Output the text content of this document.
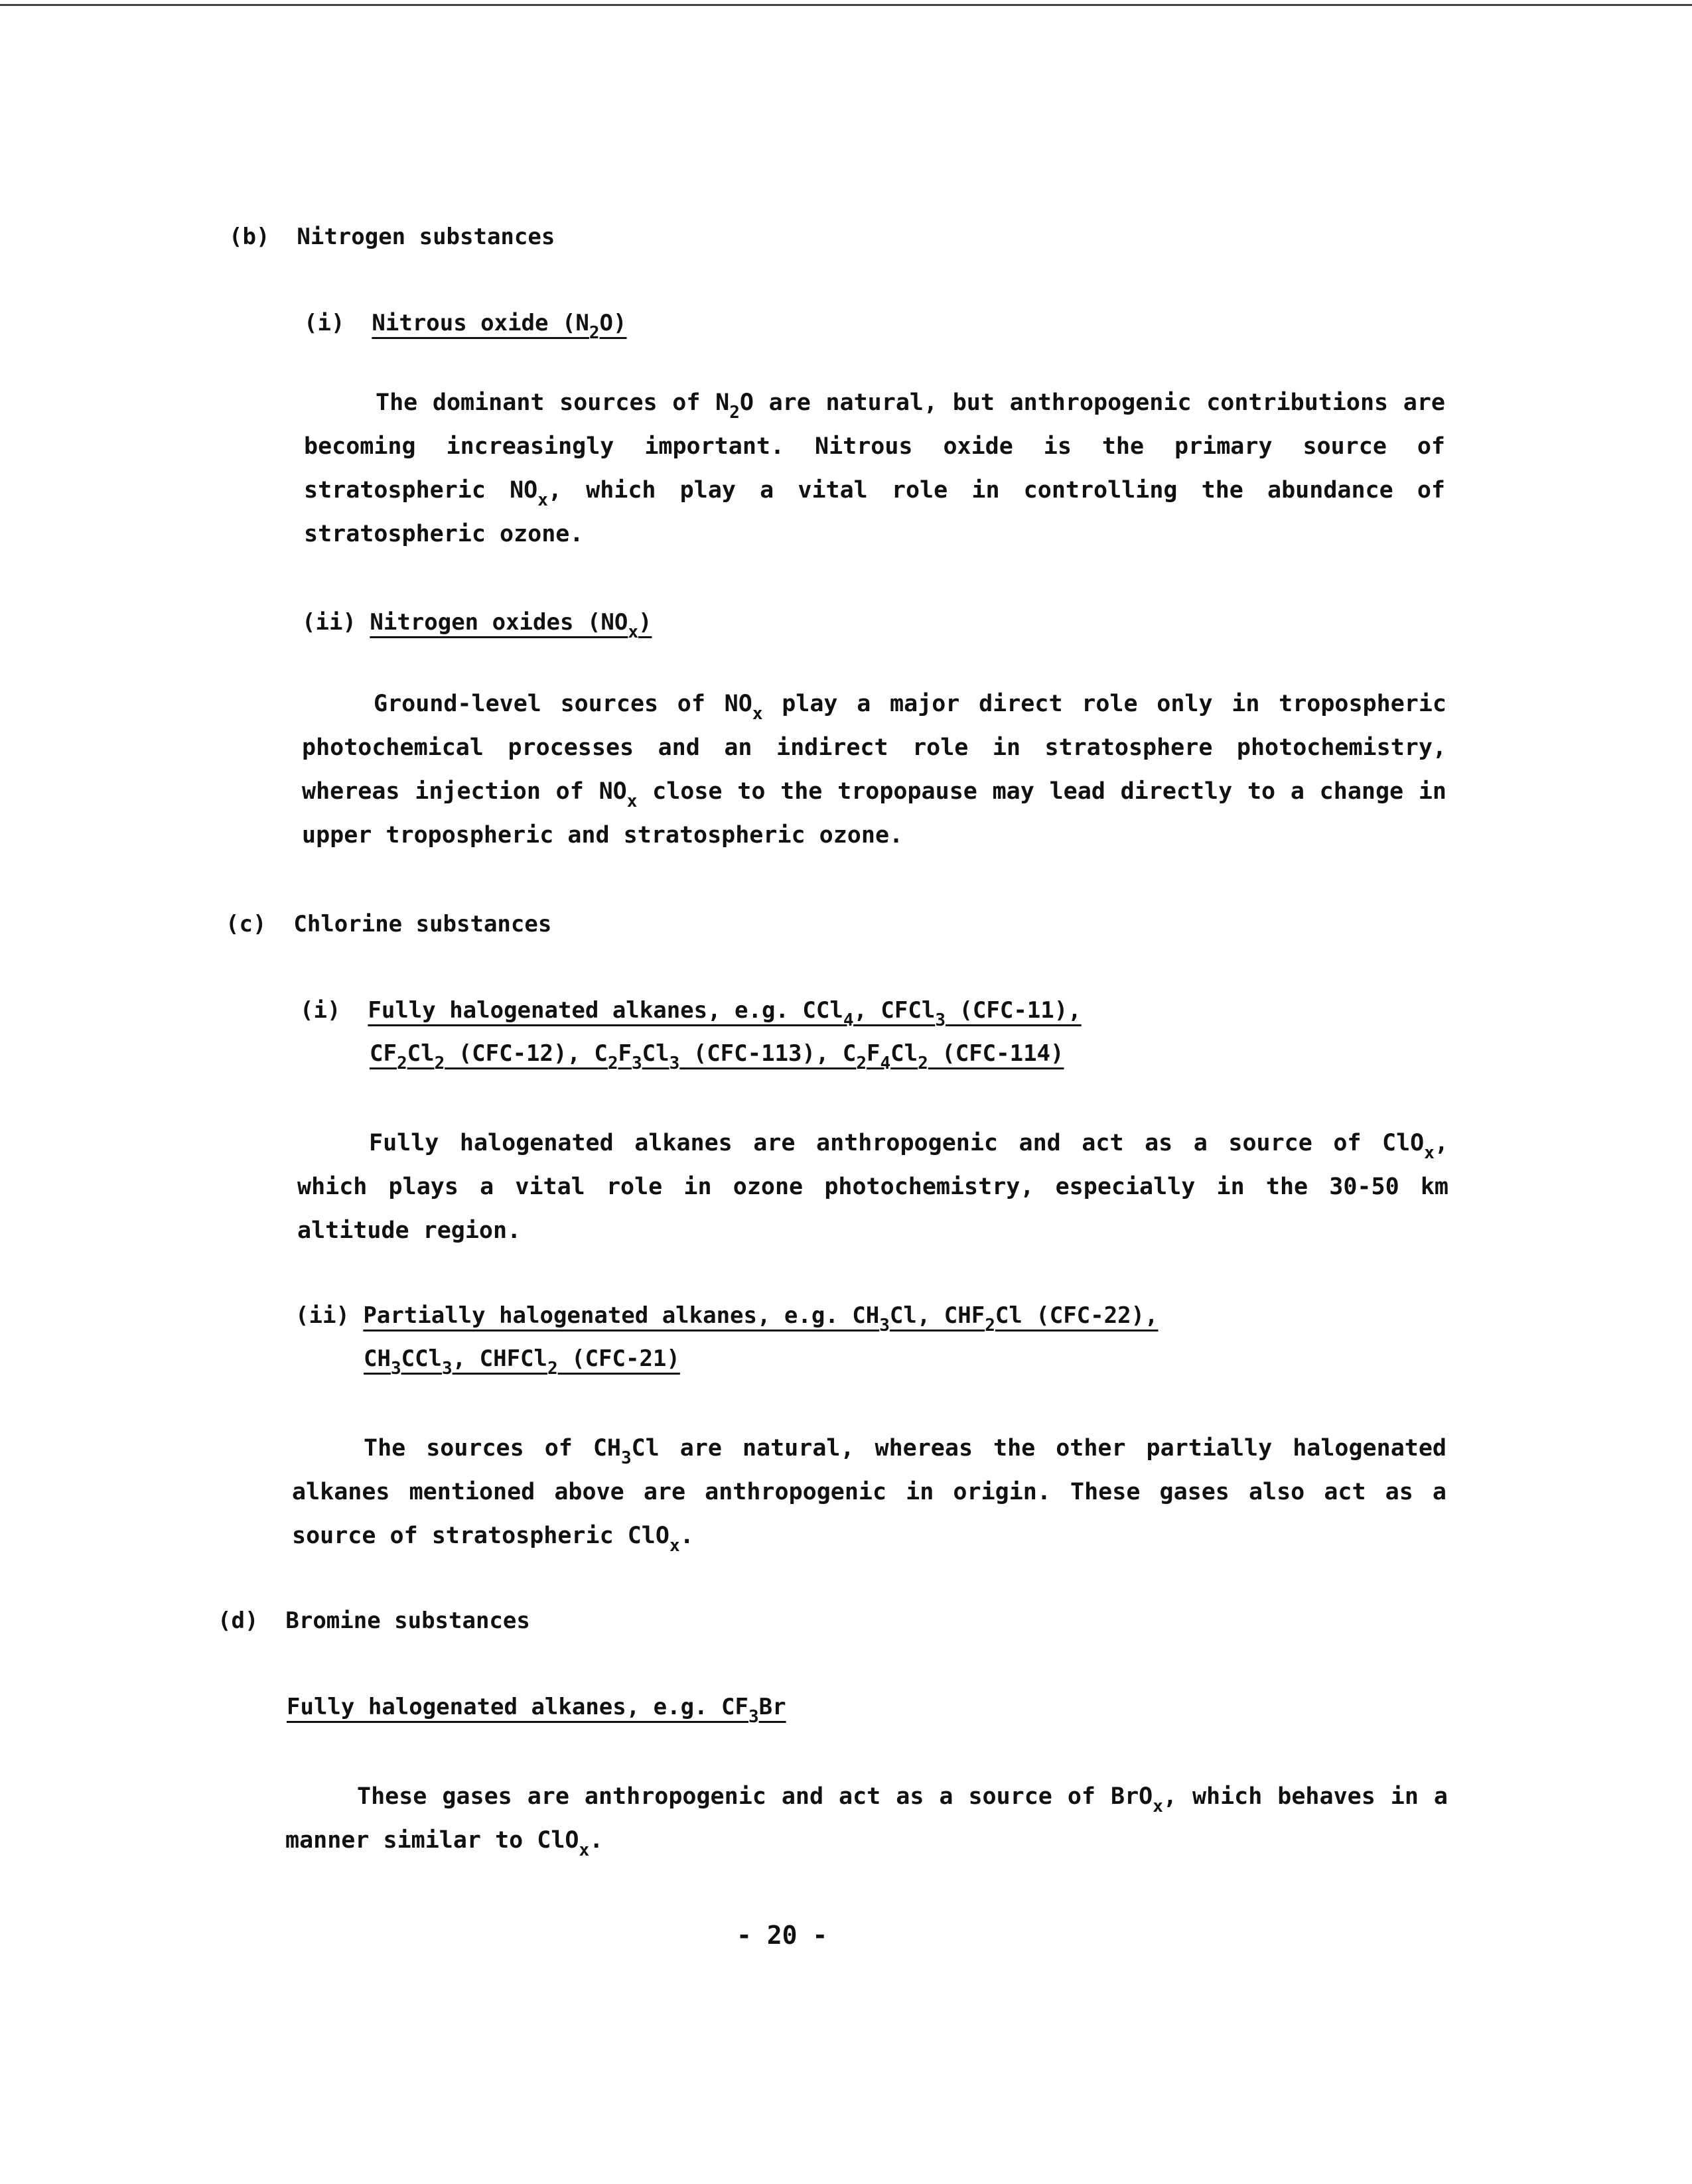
(b) Nitrogen substances
(i) Nitrous oxide $(N_2O)$
The dominant sources of $N_2O$ are natural, but anthropogenic contributions are becoming increasingly important. Nitrous oxide is the primary source of stratospheric $NO_x$, which play a vital role in controlling the abundance of stratospheric ozone.
(ii) Nitrogen oxides $(NO_x)$
Ground-level sources of $NO_x$ play a major direct role only in tropospheric photochemical processes and an indirect role in stratosphere photochemistry, whereas injection of $NO_x$ close to the tropopause may lead directly to a change in upper tropospheric and stratospheric ozone.
(c) Chlorine substances
(i) Fully halogenated alkanes, e.g. CCl$_4$, CFCl$_3$ (CFC-11),
$CF_2Cl_2$ (CFC-12), $C_2F_3Cl_3$ (CFC-113), $C_2F_4Cl_2$ (CFC-114)
Fully halogenated alkanes are anthropogenic and act as a source of ClO$_x$, which plays a vital role in ozone photochemistry, especially in the 30-50 km altitude region.
(ii) Partially halogenated alkanes, e.g. $CH_3Cl$, $CHF_2Cl$ (CFC-22),
$CH_3CCl_3$, CHFCl$_2$ (CFC-21)
The sources of $CH_3Cl$ are natural, whereas the other partially halogenated alkanes mentioned above are anthropogenic in origin. These gases also act as a source of stratospheric ClO$_x$.
(d) Bromine substances
Fully halogenated alkanes, e.g. $CF_3Br$
These gases are anthropogenic and act as a source of BrO$_x$, which behaves in a manner similar to ClO$_x$.
- 20 -
